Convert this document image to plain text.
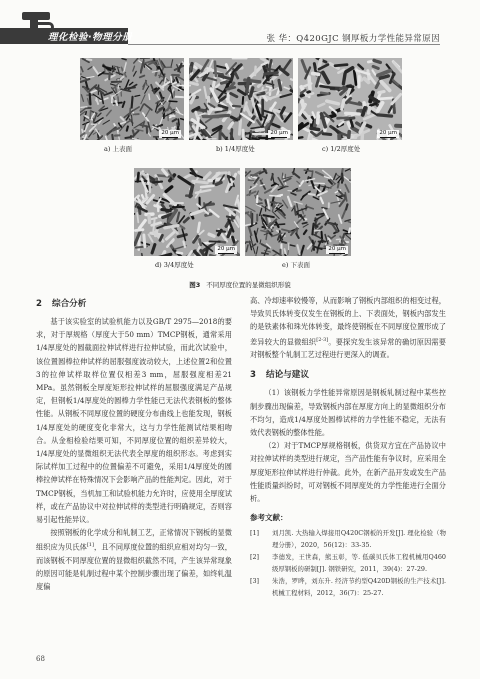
理化检验·物理分册	张 华：Q420GJC 钢厚板力学性能异常原因
20 μm	20 μm	20 μm
20 μm	20 μm
a) 上表面	b) 1/4厚度处	c) 1/2厚度处
d) 3/4厚度处	e) 下表面
图3 不同厚度位置的显微组织形貌
2 综合分析

基于该实验室的试验机能力以及GB/T 2975—2018的要求，对于厚规格（厚度大于50 mm）TMCP钢板，通常采用1/4厚度处的圆截面拉伸试样进行拉伸试验，而此次试验中，该位置圆棒拉伸试样的屈服强度波动较大，上述位置2和位置3的拉伸试样取样位置仅相差3 mm，屈服强度相差21 MPa。虽然钢板全厚度矩形拉伸试样的屈服强度满足产品规定，但钢板1/4厚度处的圆棒力学性能已无法代表钢板的整体性能。从钢板不同厚度位置的硬度分布曲线上也能发现，钢板1/4厚度处的硬度变化非常大，这与力学性能测试结果相吻合。从金相检验结果可知，不同厚度位置的组织差异较大，1/4厚度处的显微组织无法代表全厚度的组织形态。考虑到实际试样加工过程中的位置偏差不可避免，采用1/4厚度处的圆棒拉伸试样在特殊情况下会影响产品的性能判定。因此，对于TMCP钢板，当机加工和试验机能力允许时，应使用全厚度试样，或在产品协议中对拉伸试样的类型进行明确规定，否则容易引起性能异议。

按照钢板的化学成分和轧制工艺，正常情况下钢板的显微组织应为贝氏体[1]，且不同厚度位置的组织应相对均匀一致，而该钢板不同厚度位置的显微组织截然不同，产生该异常现象的原因可能是轧制过程中某个控制步骤出现了偏差，如终轧温度偏

高、冷却速率较慢等，从而影响了钢板内部组织的相变过程，导致贝氏体转变仅发生在钢板的上、下表面处，钢板内部发生的是铁素体和珠光体转变，最终使钢板在不同厚度位置形成了差异较大的显微组织[2-3]。要探究发生该异常的确切原因需要对钢板整个轧制工艺过程进行更深入的调查。

3 结论与建议

（1）该钢板力学性能异常原因是钢板轧制过程中某些控制步骤出现偏差，导致钢板内部在厚度方向上的显微组织分布不均匀，造成1/4厚度处圆棒试样的力学性能不稳定，无法有效代表钢板的整体性能。

（2）对于TMCP厚规格钢板，供货双方宜在产品协议中对拉伸试样的类型进行规定，当产品性能有争议时，应采用全厚度矩形拉伸试样进行仲裁。此外，在新产品开发或发生产品性能质量纠纷时，可对钢板不同厚度处的力学性能进行全面分析。

参考文献：
[1]	刘月凯. 大热输入焊接用Q420C钢板的开发[J]. 理化检验（物理分册），2020，56(12)：33-35.
[2]	李德发，王世森，熊玉彰，等. 低碳贝氏体工程机械用Q460级厚钢板的研制[J]. 钢铁研究，2011，39(4)：27-29.
[3]	朱浩，罗晔，刘东升. 经济节约型Q420D钢板的生产技术[J]. 机械工程材料，2012，36(7)：25-27.
68
